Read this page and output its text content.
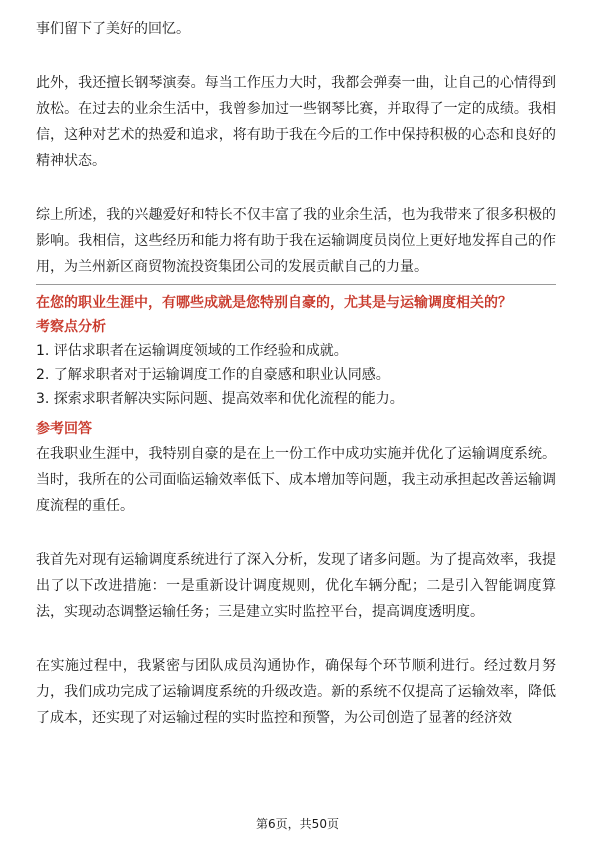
事们留下了美好的回忆。

此外，我还擅长钢琴演奏。每当工作压力大时，我都会弹奏一曲，让自己的心情得到放松。在过去的业余生活中，我曾参加过一些钢琴比赛，并取得了一定的成绩。我相信，这种对艺术的热爱和追求，将有助于我在今后的工作中保持积极的心态和良好的精神状态。

综上所述，我的兴趣爱好和特长不仅丰富了我的业余生活，也为我带来了很多积极的影响。我相信，这些经历和能力将有助于我在运输调度员岗位上更好地发挥自己的作用，为兰州新区商贸物流投资集团公司的发展贡献自己的力量。

在您的职业生涯中，有哪些成就是您特别自豪的，尤其是与运输调度相关的？

考察点分析

1. 评估求职者在运输调度领域的工作经验和成就。
2. 了解求职者对于运输调度工作的自豪感和职业认同感。
3. 探索求职者解决实际问题、提高效率和优化流程的能力。

参考回答

在我职业生涯中，我特别自豪的是在上一份工作中成功实施并优化了运输调度系统。当时，我所在的公司面临运输效率低下、成本增加等问题，我主动承担起改善运输调度流程的重任。

我首先对现有运输调度系统进行了深入分析，发现了诸多问题。为了提高效率，我提出了以下改进措施：一是重新设计调度规则，优化车辆分配；二是引入智能调度算法，实现动态调整运输任务；三是建立实时监控平台，提高调度透明度。

在实施过程中，我紧密与团队成员沟通协作，确保每个环节顺利进行。经过数月努力，我们成功完成了运输调度系统的升级改造。新的系统不仅提高了运输效率，降低了成本，还实现了对运输过程的实时监控和预警，为公司创造了显著的经济效

第6页，共50页
